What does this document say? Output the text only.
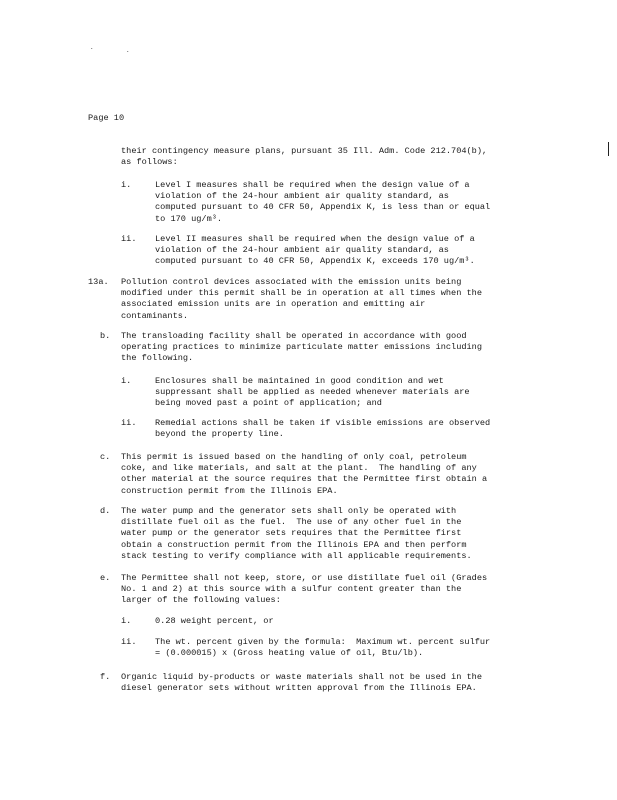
.	.
Page 10
their contingency measure plans, pursuant 35 Ill. Adm. Code 212.704(b),
as follows:
i.	Level I measures shall be required when the design value of a
violation of the 24-hour ambient air quality standard, as
computed pursuant to 40 CFR 50, Appendix K, is less than or equal
to 170 ug/m³.
ii. Level II measures shall be required when the design value of a
violation of the 24-hour ambient air quality standard, as
computed pursuant to 40 CFR 50, Appendix K, exceeds 170 ug/m³.
13a. Pollution control devices associated with the emission units being
modified under this permit shall be in operation at all times when the
associated emission units are in operation and emitting air
contaminants.
b. The transloading facility shall be operated in accordance with good
operating practices to minimize particulate matter emissions including
the following.
i.	Enclosures shall be maintained in good condition and wet
suppressant shall be applied as needed whenever materials are
being moved past a point of application; and
ii. Remedial actions shall be taken if visible emissions are observed
beyond the property line.
c. This permit is issued based on the handling of only coal, petroleum
coke, and like materials, and salt at the plant.  The handling of any
other material at the source requires that the Permittee first obtain a
construction permit from the Illinois EPA.
d. The water pump and the generator sets shall only be operated with
distillate fuel oil as the fuel.  The use of any other fuel in the
water pump or the generator sets requires that the Permittee first
obtain a construction permit from the Illinois EPA and then perform
stack testing to verify compliance with all applicable requirements.
e. The Permittee shall not keep, store, or use distillate fuel oil (Grades
No. 1 and 2) at this source with a sulfur content greater than the
larger of the following values:
i.	0.28 weight percent, or
ii. The wt. percent given by the formula:  Maximum wt. percent sulfur
= (0.000015) x (Gross heating value of oil, Btu/lb).
f. Organic liquid by-products or waste materials shall not be used in the
diesel generator sets without written approval from the Illinois EPA.
